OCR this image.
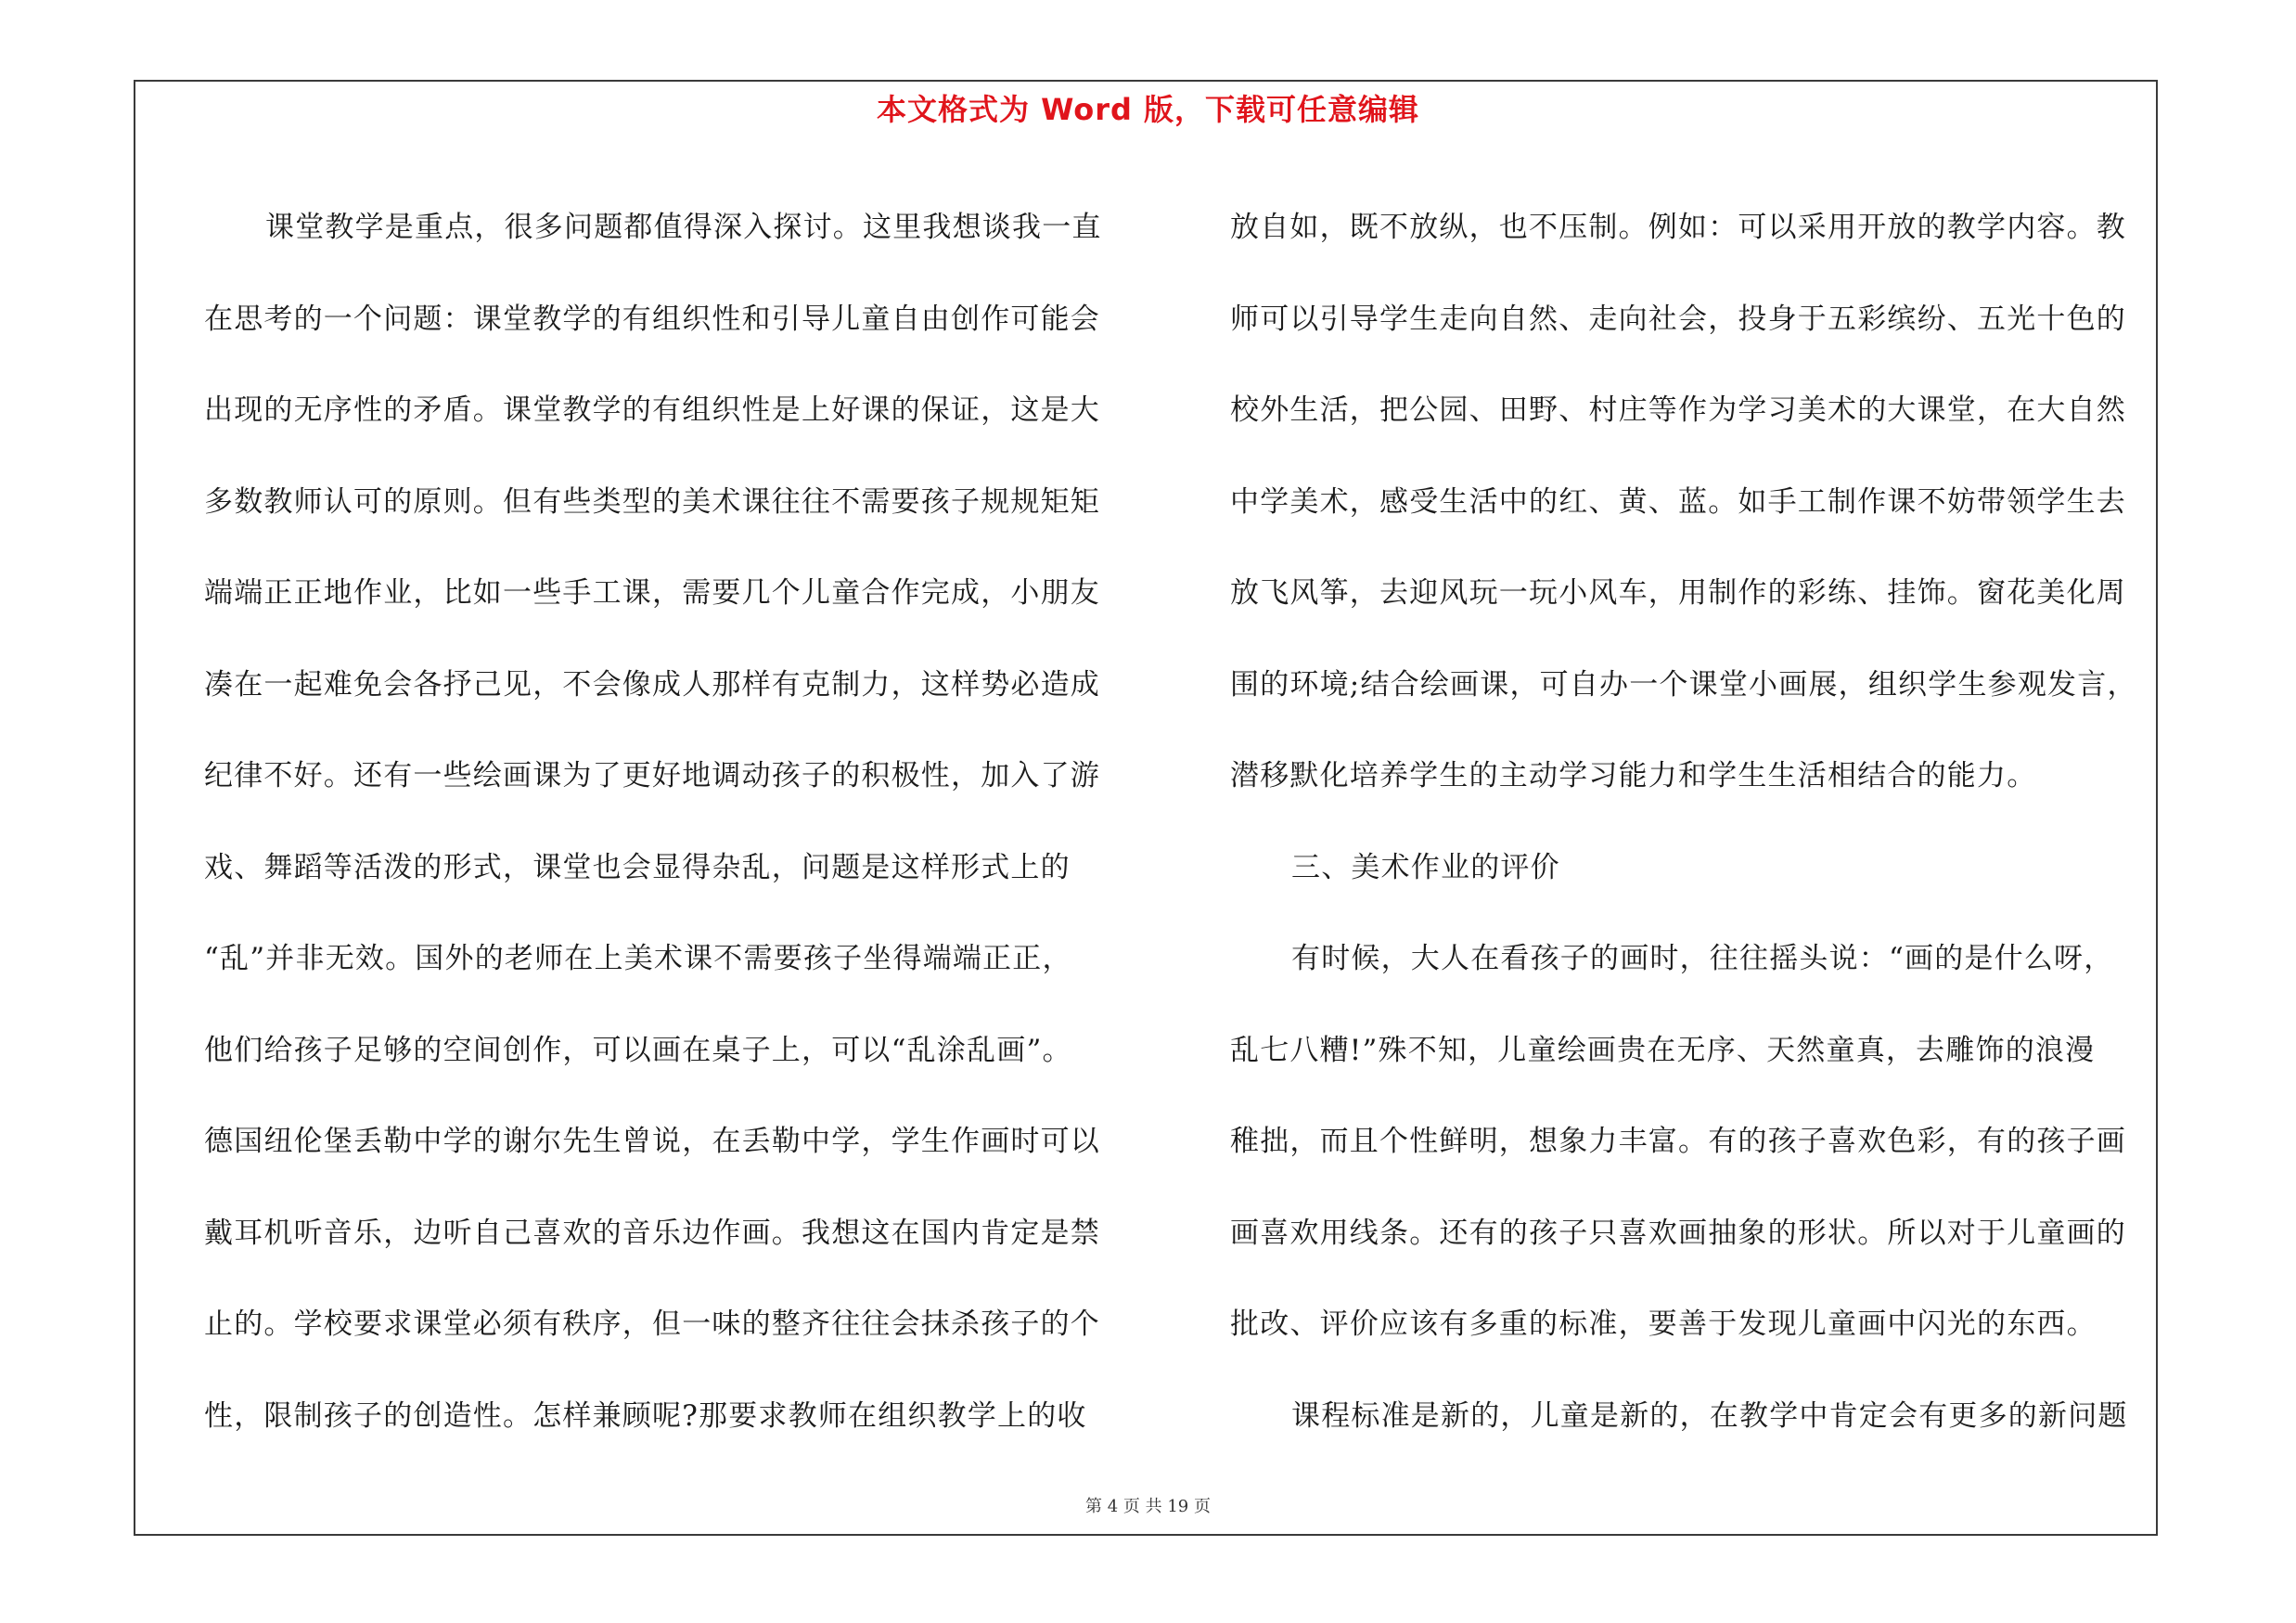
本文格式为 Word 版，下载可任意编辑
课堂教学是重点，很多问题都值得深入探讨。这里我想谈我一直
在思考的一个问题：课堂教学的有组织性和引导儿童自由创作可能会
出现的无序性的矛盾。课堂教学的有组织性是上好课的保证，这是大
多数教师认可的原则。但有些类型的美术课往往不需要孩子规规矩矩
端端正正地作业，比如一些手工课，需要几个儿童合作完成，小朋友
凑在一起难免会各抒己见，不会像成人那样有克制力，这样势必造成
纪律不好。还有一些绘画课为了更好地调动孩子的积极性，加入了游
戏、舞蹈等活泼的形式，课堂也会显得杂乱，问题是这样形式上的
“乱”并非无效。国外的老师在上美术课不需要孩子坐得端端正正，
他们给孩子足够的空间创作，可以画在桌子上，可以“乱涂乱画”。
德国纽伦堡丢勒中学的谢尔先生曾说，在丢勒中学，学生作画时可以
戴耳机听音乐，边听自己喜欢的音乐边作画。我想这在国内肯定是禁
止的。学校要求课堂必须有秩序，但一味的整齐往往会抹杀孩子的个
性，限制孩子的创造性。怎样兼顾呢?那要求教师在组织教学上的收
放自如，既不放纵，也不压制。例如：可以采用开放的教学内容。教
师可以引导学生走向自然、走向社会，投身于五彩缤纷、五光十色的
校外生活，把公园、田野、村庄等作为学习美术的大课堂，在大自然
中学美术，感受生活中的红、黄、蓝。如手工制作课不妨带领学生去
放飞风筝，去迎风玩一玩小风车，用制作的彩练、挂饰。窗花美化周
围的环境;结合绘画课，可自办一个课堂小画展，组织学生参观发言，
潜移默化培养学生的主动学习能力和学生生活相结合的能力。
三、美术作业的评价
有时候，大人在看孩子的画时，往往摇头说：“画的是什么呀，
乱七八糟!”殊不知，儿童绘画贵在无序、天然童真，去雕饰的浪漫
稚拙，而且个性鲜明，想象力丰富。有的孩子喜欢色彩，有的孩子画
画喜欢用线条。还有的孩子只喜欢画抽象的形状。所以对于儿童画的
批改、评价应该有多重的标准，要善于发现儿童画中闪光的东西。
课程标准是新的，儿童是新的，在教学中肯定会有更多的新问题
第 4 页 共 19 页
